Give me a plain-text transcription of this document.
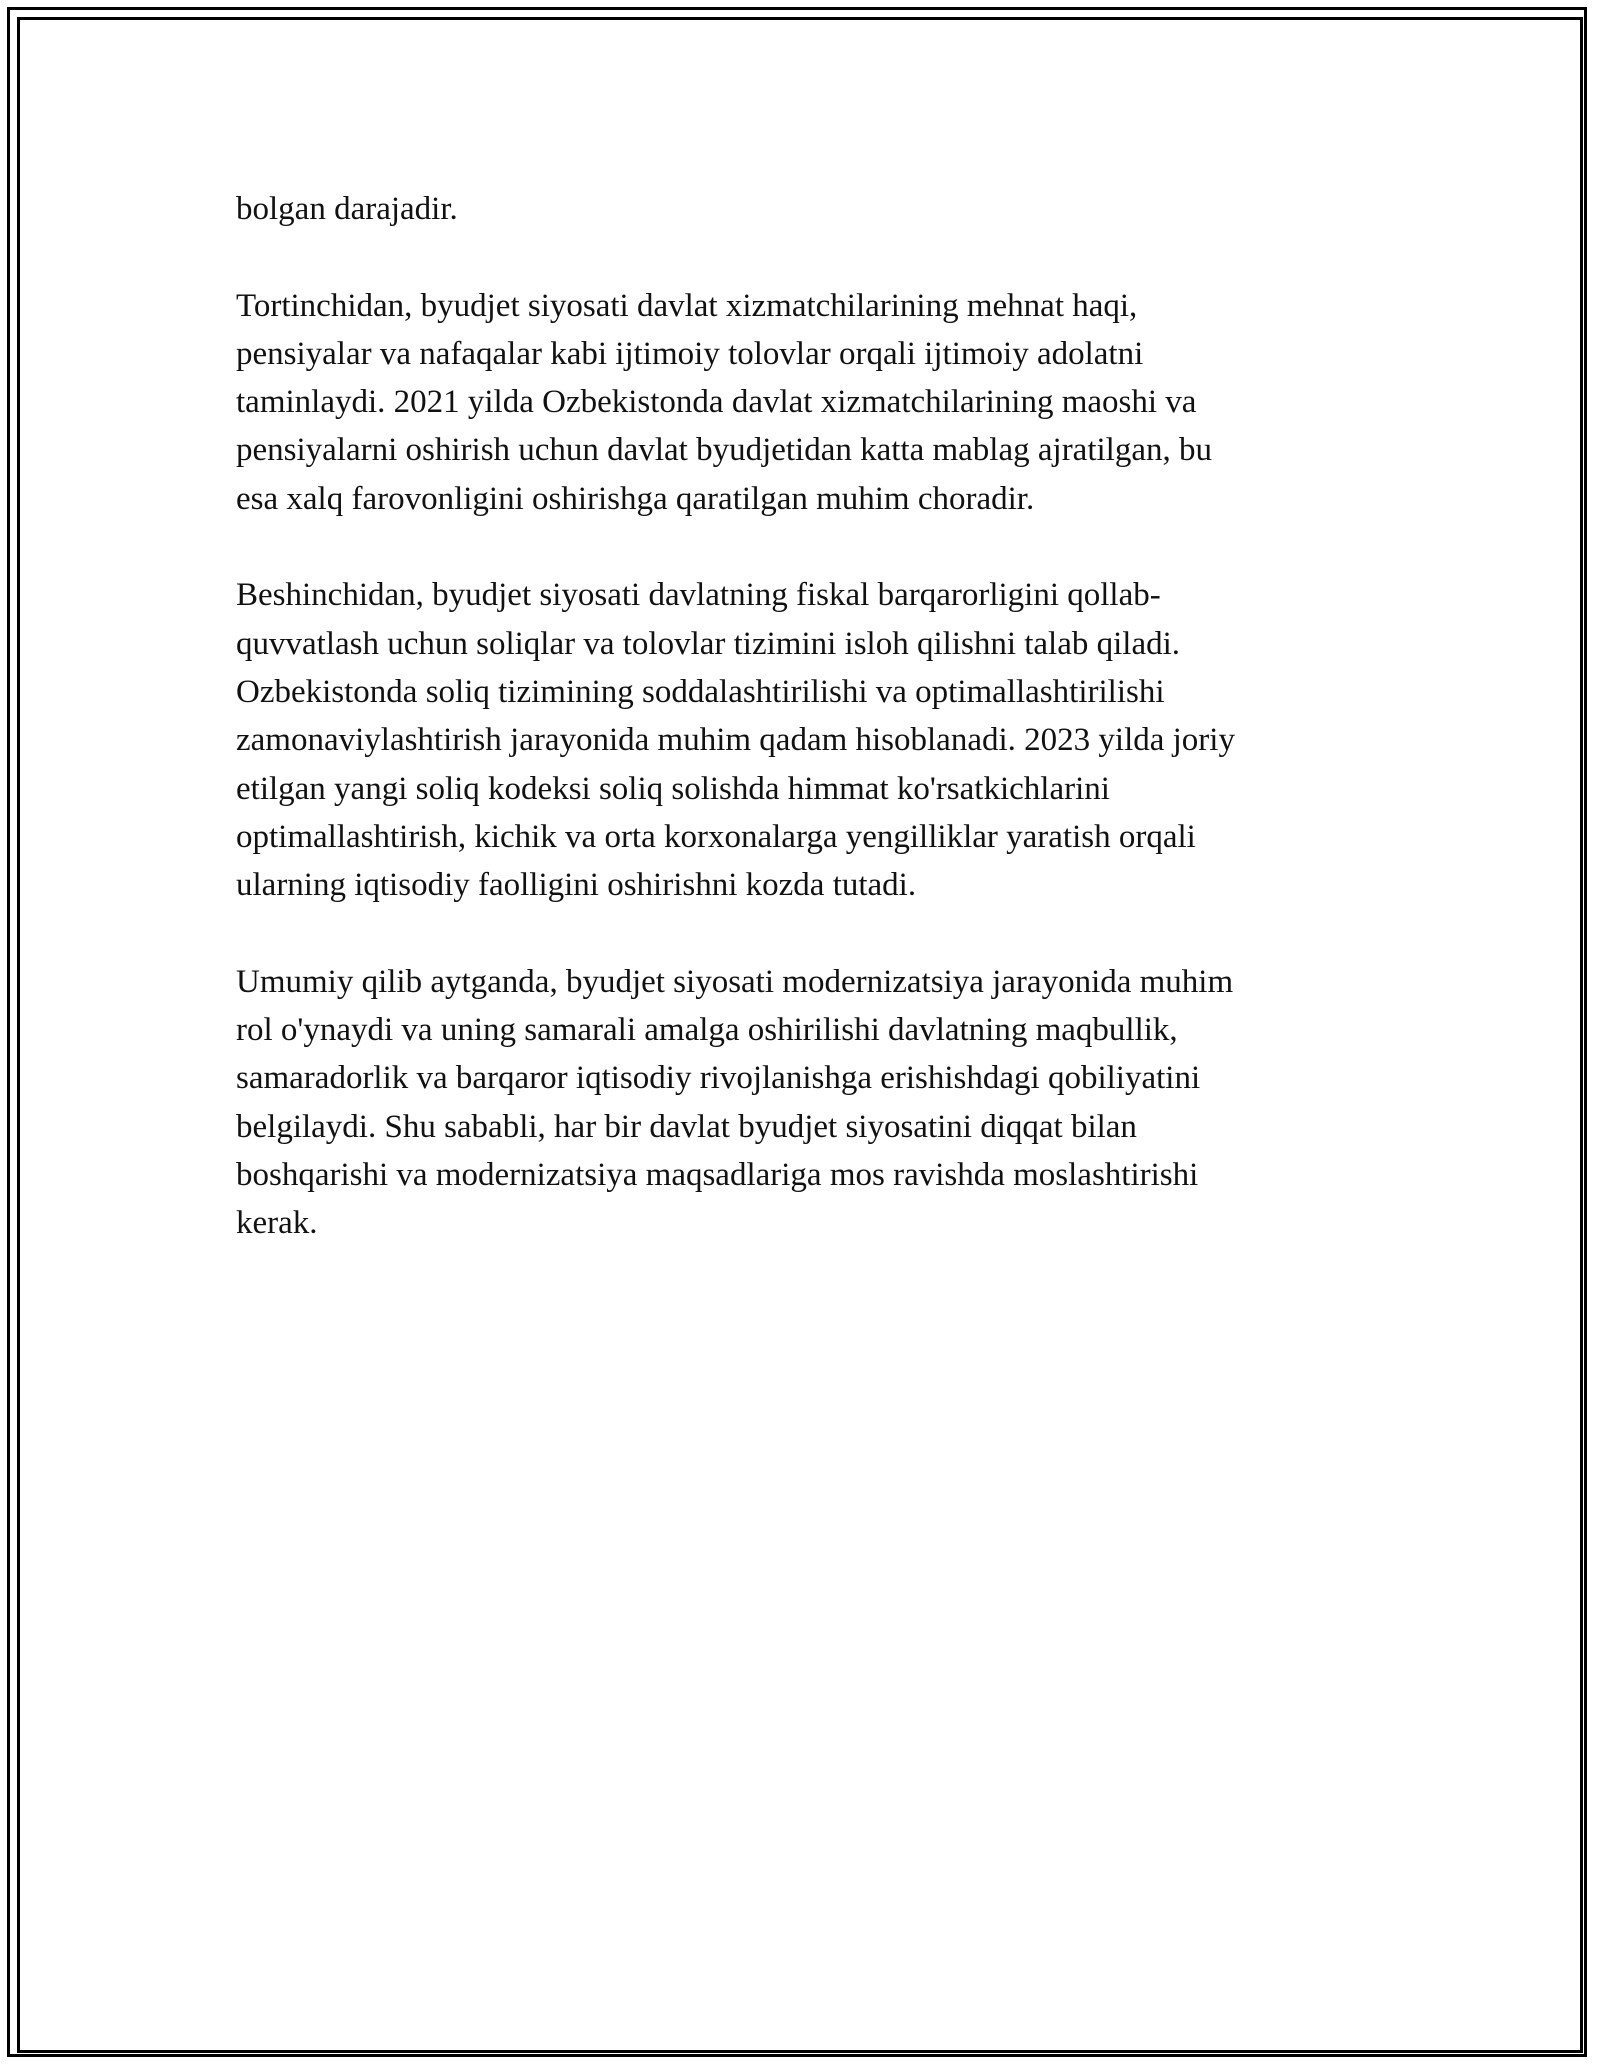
bolgan darajadir.

Tortinchidan, byudjet siyosati davlat xizmatchilarining mehnat haqi,
pensiyalar va nafaqalar kabi ijtimoiy tolovlar orqali ijtimoiy adolatni
taminlaydi. 2021 yilda Ozbekistonda davlat xizmatchilarining maoshi va
pensiyalarni oshirish uchun davlat byudjetidan katta mablag ajratilgan, bu
esa xalq farovonligini oshirishga qaratilgan muhim choradir.

Beshinchidan, byudjet siyosati davlatning fiskal barqarorligini qollab-
quvvatlash uchun soliqlar va tolovlar tizimini isloh qilishni talab qiladi.
Ozbekistonda soliq tizimining soddalashtirilishi va optimallashtirilishi
zamonaviylashtirish jarayonida muhim qadam hisoblanadi. 2023 yilda joriy
etilgan yangi soliq kodeksi soliq solishda himmat ko'rsatkichlarini
optimallashtirish, kichik va orta korxonalarga yengilliklar yaratish orqali
ularning iqtisodiy faolligini oshirishni kozda tutadi.

Umumiy qilib aytganda, byudjet siyosati modernizatsiya jarayonida muhim
rol o'ynaydi va uning samarali amalga oshirilishi davlatning maqbullik,
samaradorlik va barqaror iqtisodiy rivojlanishga erishishdagi qobiliyatini
belgilaydi. Shu sababli, har bir davlat byudjet siyosatini diqqat bilan
boshqarishi va modernizatsiya maqsadlariga mos ravishda moslashtirishi
kerak.
